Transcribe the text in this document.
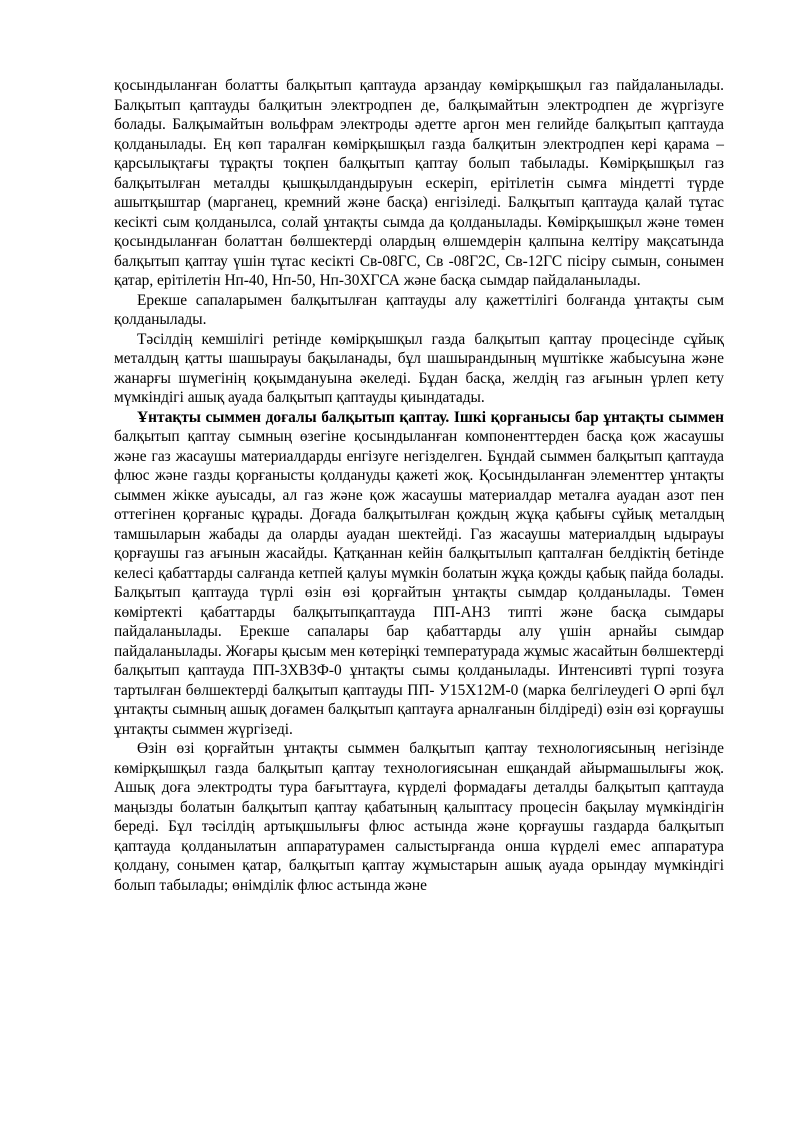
қосындыланған болатты балқытып қаптауда арзандау көмірқышқыл газ пайдаланылады. Балқытып қаптауды балқитын электродпен де, балқымайтын электродпен де жүргізуге болады. Балқымайтын вольфрам электроды әдетте аргон мен гелийде балқытып қаптауда қолданылады. Ең көп таралған көмірқышқыл газда балқитын электродпен кері қарама – қарсылықтағы тұрақты тоқпен балқытып қаптау болып табылады. Көмірқышқыл газ балқытылған металды қышқылдандыруын ескеріп, ерітілетін сымға міндетті түрде ашытқыштар (марганец, кремний және басқа) енгізіледі. Балқытып қаптауда қалай тұтас кесікті сым қолданылса, солай ұнтақты сымда да қолданылады. Көмірқышқыл және төмен қосындыланған болаттан бөлшектерді олардың өлшемдерін қалпына келтіру мақсатында балқытып қаптау үшін тұтас кесікті Св-08ГС, Св -08Г2С, Св-12ГС пісіру сымын, сонымен қатар, ерітілетін Нп-40, Нп-50, Нп-30ХГСА және басқа сымдар пайдаланылады.

Ерекше сапаларымен балқытылған қаптауды алу қажеттілігі болғанда ұнтақты сым қолданылады.

Тәсілдің кемшілігі ретінде көмірқышқыл газда балқытып қаптау процесінде сұйық металдың қатты шашырауы бақыланады, бұл шашырандының мүштікке жабысуына және жанарғы шүмегінің қоқымдануына әкеледі. Бұдан басқа, желдің газ ағынын үрлеп кету мүмкіндігі ашық ауада балқытып қаптауды қиындатады.

Ұнтақты сыммен доғалы балқытып қаптау. Ішкі қорғанысы бар ұнтақты сыммен балқытып қаптау сымның өзегіне қосындыланған компоненттерден басқа қож жасаушы және газ жасаушы материалдарды енгізуге негізделген. Бұндай сыммен балқытып қаптауда флюс және газды қорғанысты қолдануды қажеті жоқ. Қосындыланған элементтер ұнтақты сыммен жікке ауысады, ал газ және қож жасаушы материалдар металға ауадан азот пен оттегінен қорғаныс құрады. Доғада балқытылған қождың жұқа қабығы сұйық металдың тамшыларын жабады да оларды ауадан шектейді. Газ жасаушы материалдың ыдырауы қорғаушы газ ағынын жасайды. Қатқаннан кейін балқытылып қапталған белдіктің бетінде келесі қабаттарды салғанда кетпей қалуы мүмкін болатын жұқа қожды қабық пайда болады. Балқытып қаптауда түрлі өзін өзі қорғайтын ұнтақты сымдар қолданылады. Төмен көміртекті қабаттарды балқытыпқаптауда ПП-АН3 типті және басқа сымдары пайдаланылады. Ерекше сапалары бар қабаттарды алу үшін арнайы сымдар пайдаланылады. Жоғары қысым мен көтеріңкі температурада жұмыс жасайтын бөлшектерді балқытып қаптауда ПП-3ХВ3Ф-0 ұнтақты сымы қолданылады. Интенсивті түрпі тозуға тартылған бөлшектерді балқытып қаптауды ПП- У15Х12М-0 (марка белгілеудегі О әрпі бұл ұнтақты сымның ашық доғамен балқытып қаптауға арналғанын білдіреді) өзін өзі қорғаушы ұнтақты сыммен жүргізеді.

Өзін өзі қорғайтын ұнтақты сыммен балқытып қаптау технологиясының негізінде көмірқышқыл газда балқытып қаптау технологиясынан ешқандай айырмашылығы жоқ. Ашық доға электродты тура бағыттауға, күрделі формадағы деталды балқытып қаптауда маңызды болатын балқытып қаптау қабатының қалыптасу процесін бақылау мүмкіндігін береді. Бұл тәсілдің артықшылығы флюс астында және қорғаушы газдарда балқытып қаптауда қолданылатын аппаратурамен салыстырғанда онша күрделі емес аппаратура қолдану, сонымен қатар, балқытып қаптау жұмыстарын ашық ауада орындау мүмкіндігі болып табылады; өнімділік флюс астында және
